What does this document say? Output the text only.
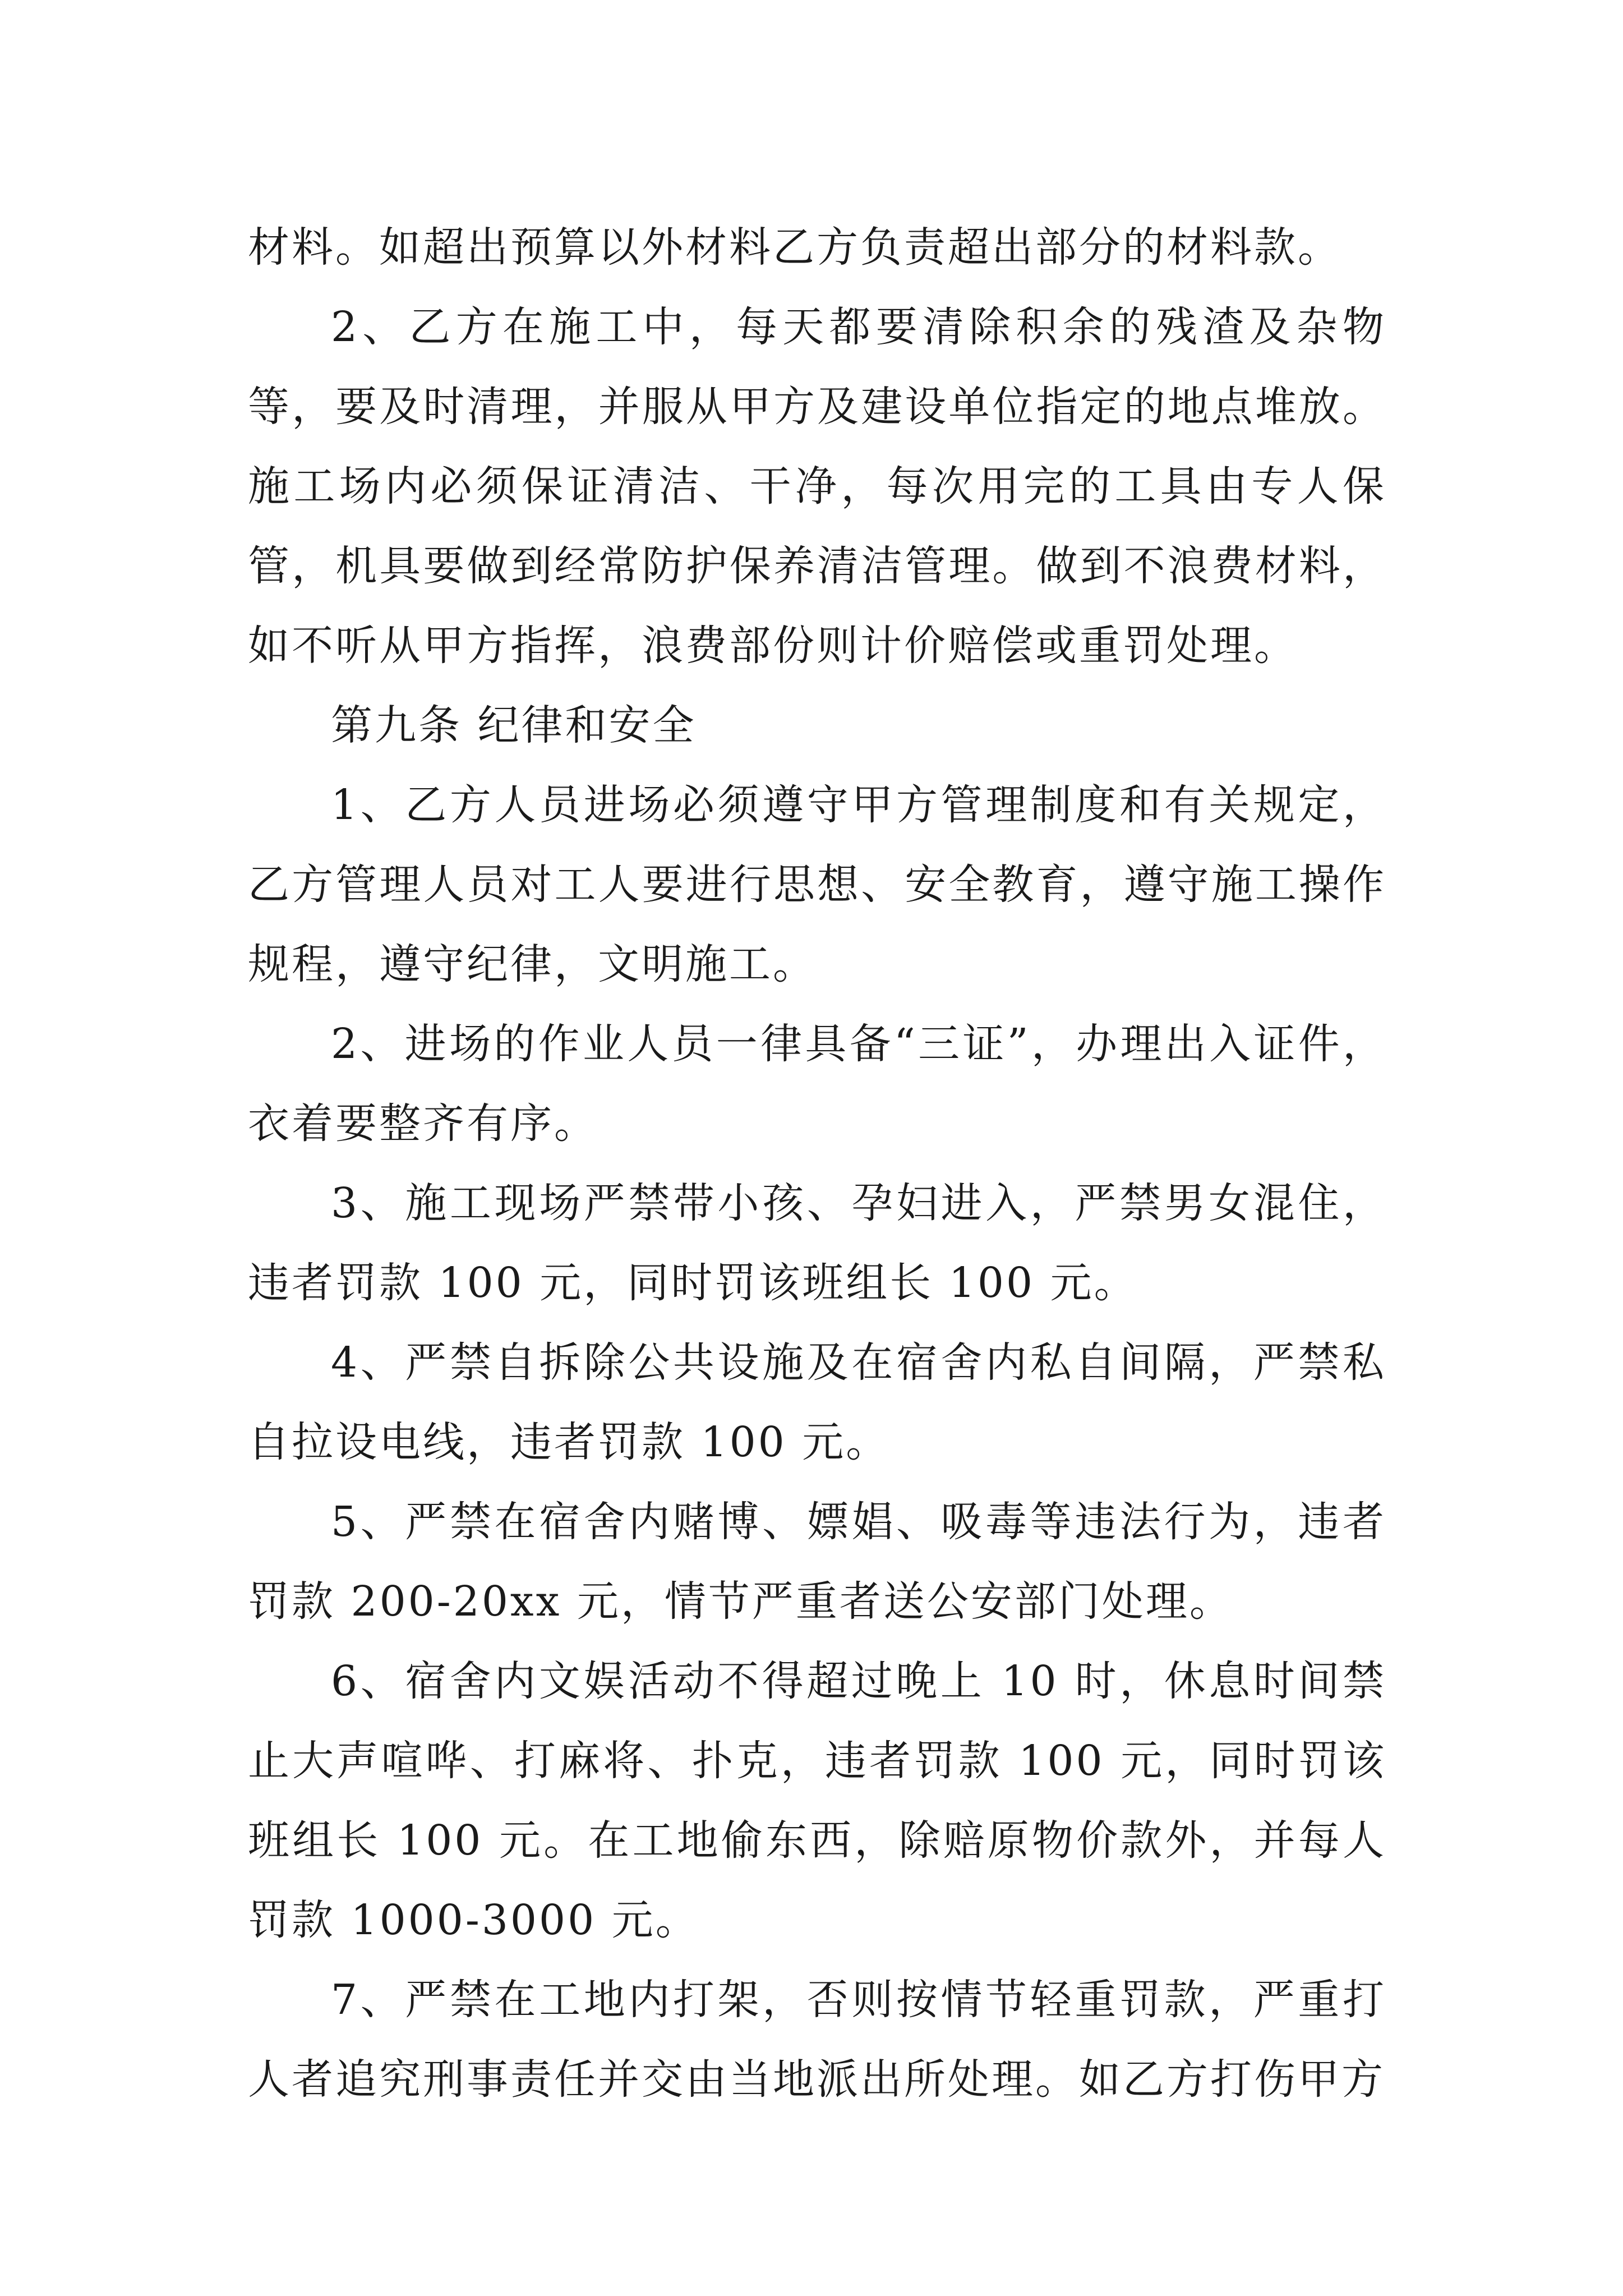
材料。如超出预算以外材料乙方负责超出部分的材料款。

2、乙方在施工中，每天都要清除积余的残渣及杂物等，要及时清理，并服从甲方及建设单位指定的地点堆放。施工场内必须保证清洁、干净，每次用完的工具由专人保管，机具要做到经常防护保养清洁管理。做到不浪费材料，如不听从甲方指挥，浪费部份则计价赔偿或重罚处理。

第九条 纪律和安全

1、乙方人员进场必须遵守甲方管理制度和有关规定，乙方管理人员对工人要进行思想、安全教育，遵守施工操作规程，遵守纪律，文明施工。

2、进场的作业人员一律具备“三证”，办理出入证件，衣着要整齐有序。

3、施工现场严禁带小孩、孕妇进入，严禁男女混住，违者罚款 100 元，同时罚该班组长 100 元。

4、严禁自拆除公共设施及在宿舍内私自间隔，严禁私自拉设电线，违者罚款 100 元。

5、严禁在宿舍内赌博、嫖娼、吸毒等违法行为，违者罚款 200-20xx 元，情节严重者送公安部门处理。

6、宿舍内文娱活动不得超过晚上 10 时，休息时间禁止大声喧哗、打麻将、扑克，违者罚款 100 元，同时罚该班组长 100 元。在工地偷东西，除赔原物价款外，并每人罚款 1000-3000 元。

7、严禁在工地内打架，否则按情节轻重罚款，严重打人者追究刑事责任并交由当地派出所处理。如乙方打伤甲方
